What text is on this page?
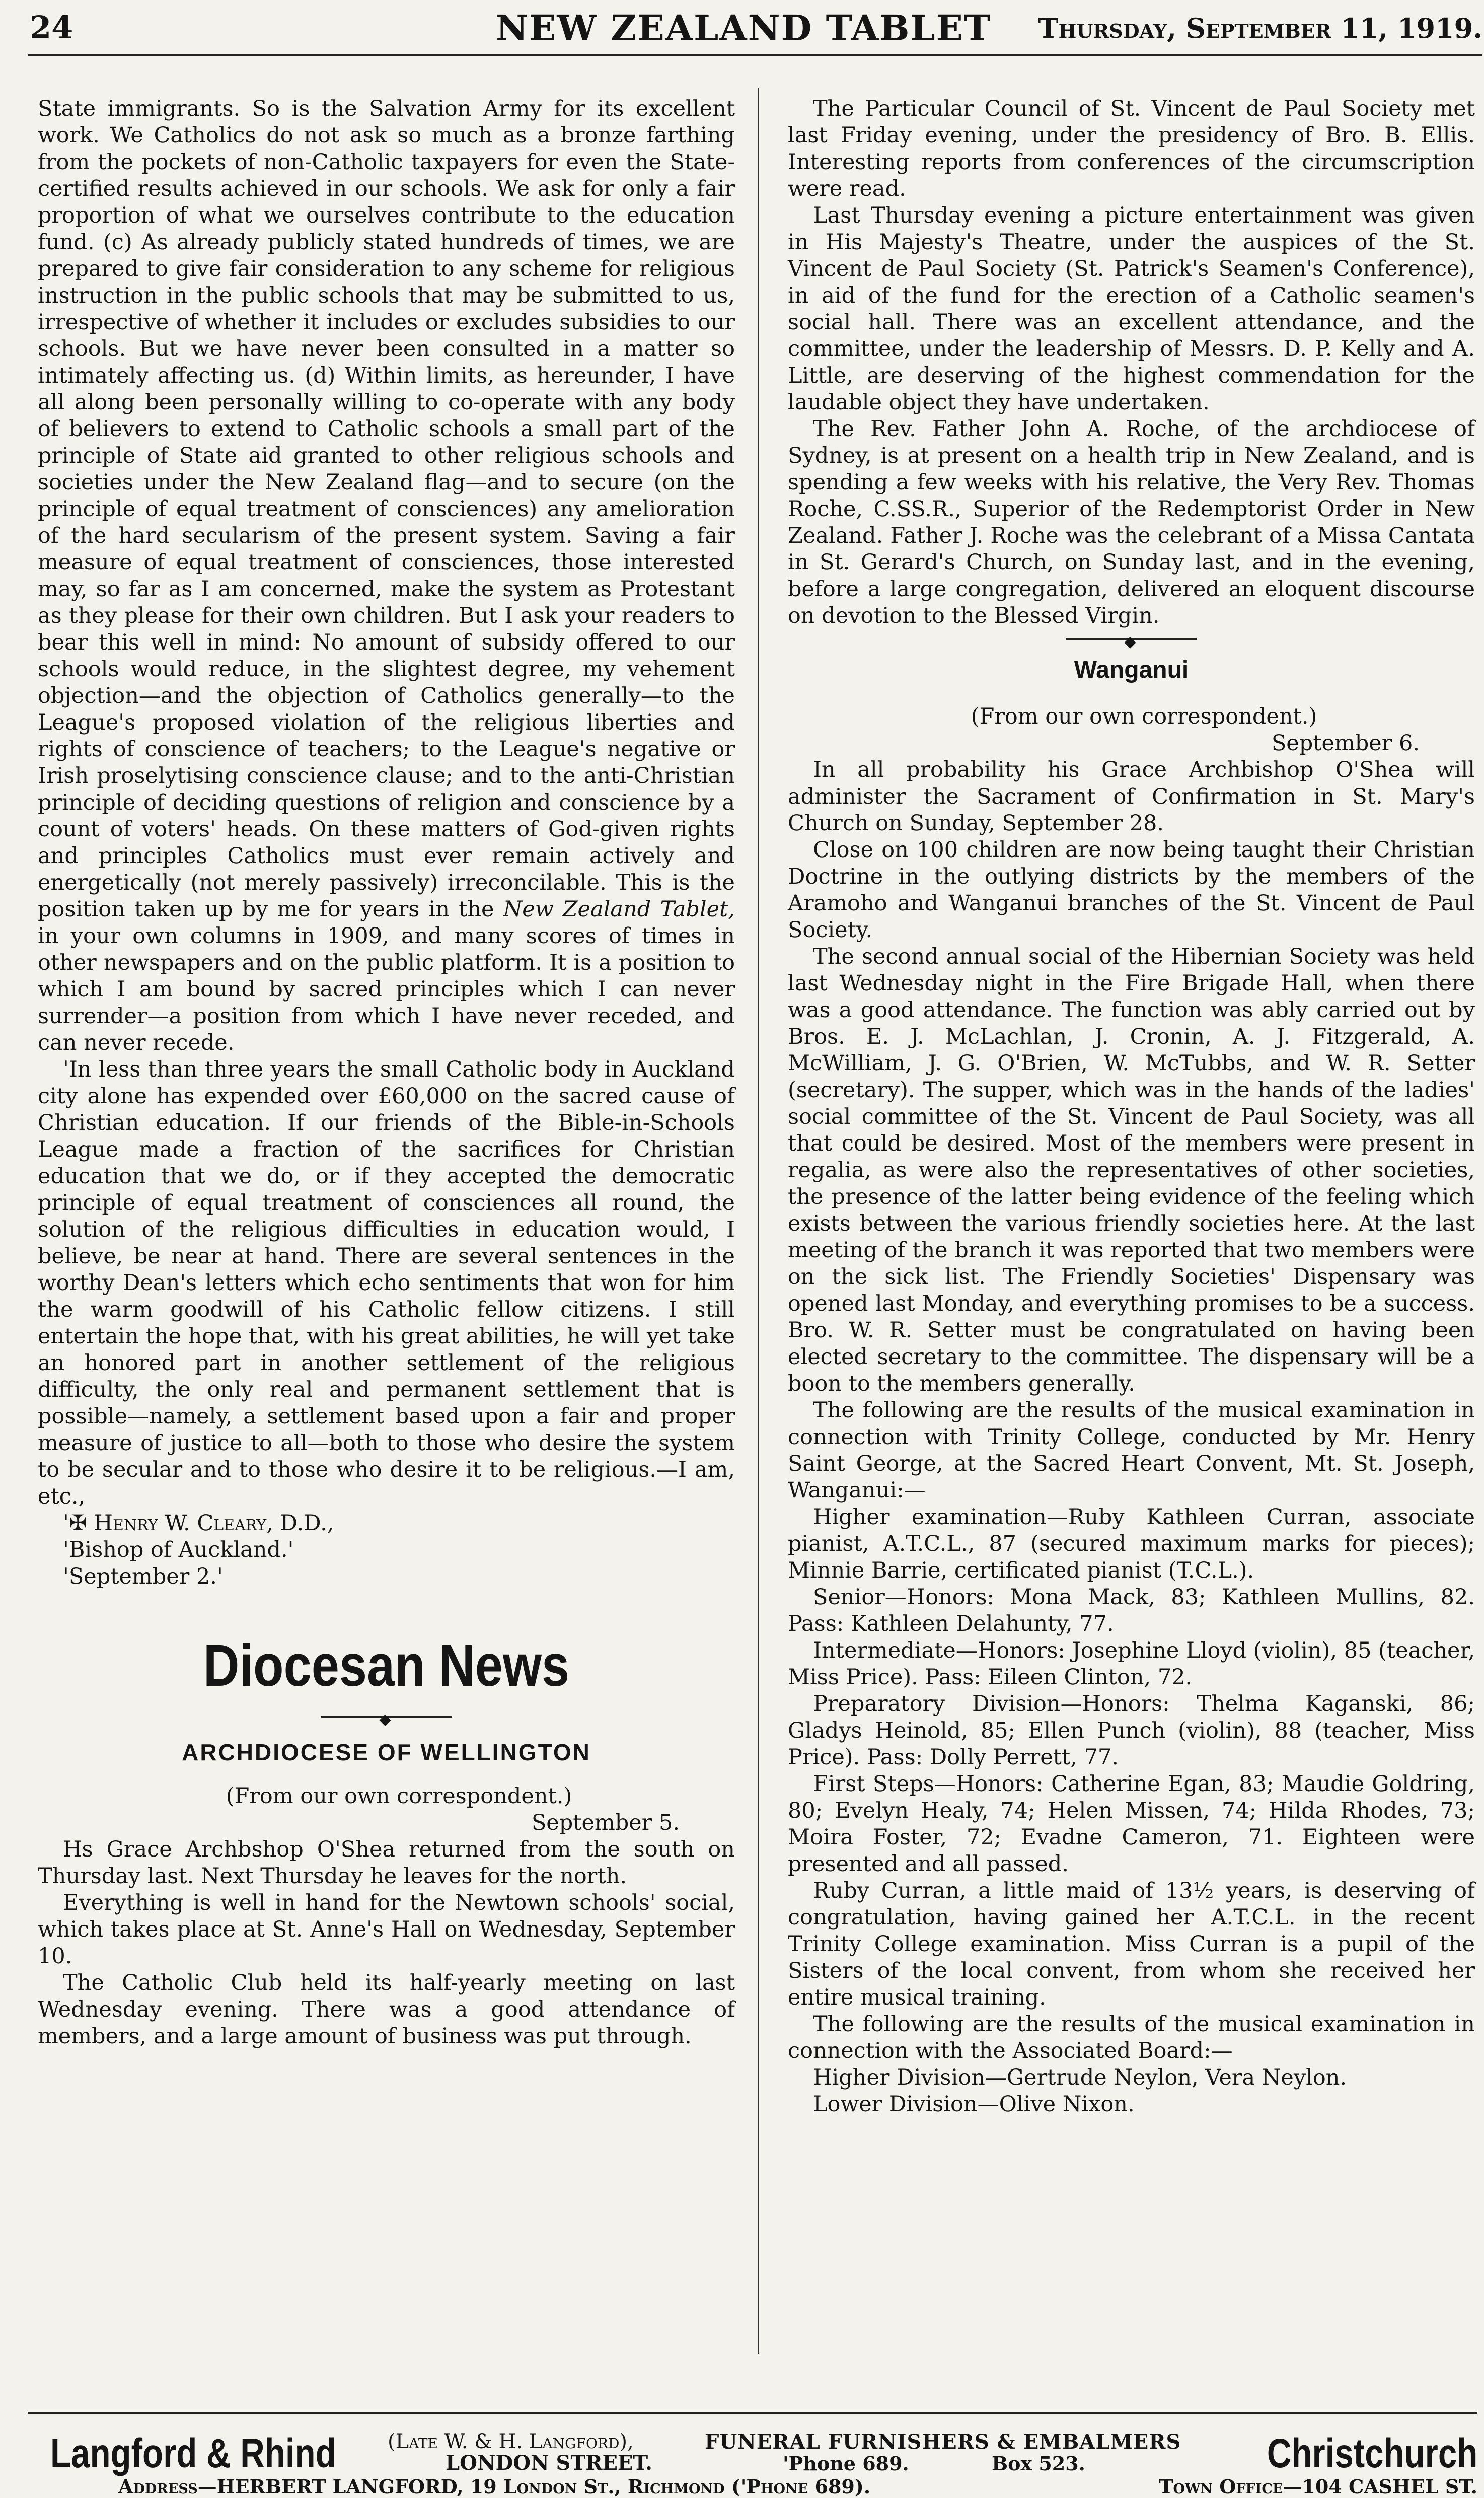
24	NEW ZEALAND TABLET Thursday, September 11, 1919.

State immigrants. So is the Salvation Army for its excellent work. We Catholics do not ask so much as a bronze farthing from the pockets of non-Catholic taxpayers for even the State-certified results achieved in our schools. We ask for only a fair proportion of what we ourselves contribute to the education fund. (c) As already publicly stated hundreds of times, we are prepared to give fair consideration to any scheme for religious instruction in the public schools that may be submitted to us, irrespective of whether it includes or excludes subsidies to our schools. But we have never been consulted in a matter so intimately affecting us. (d) Within limits, as hereunder, I have all along been personally willing to co-operate with any body of believers to extend to Catholic schools a small part of the principle of State aid granted to other religious schools and societies under the New Zealand flag—and to secure (on the principle of equal treatment of consciences) any amelioration of the hard secularism of the present system. Saving a fair measure of equal treatment of consciences, those interested may, so far as I am concerned, make the system as Protestant as they please for their own children. But I ask your readers to bear this well in mind: No amount of subsidy offered to our schools would reduce, in the slightest degree, my vehement objection—and the objection of Catholics generally—to the League's proposed violation of the religious liberties and rights of conscience of teachers; to the League's negative or Irish proselytising conscience clause; and to the anti-Christian principle of deciding questions of religion and conscience by a count of voters' heads. On these matters of God-given rights and principles Catholics must ever remain actively and energetically (not merely passively) irreconcilable. This is the position taken up by me for years in the New Zealand Tablet, in your own columns in 1909, and many scores of times in other newspapers and on the public platform. It is a position to which I am bound by sacred principles which I can never surrender—a position from which I have never receded, and can never recede.

'In less than three years the small Catholic body in Auckland city alone has expended over £60,000 on the sacred cause of Christian education. If our friends of the Bible-in-Schools League made a fraction of the sacrifices for Christian education that we do, or if they accepted the democratic principle of equal treatment of consciences all round, the solution of the religious difficulties in education would, I believe, be near at hand. There are several sentences in the worthy Dean's letters which echo sentiments that won for him the warm goodwill of his Catholic fellow citizens. I still entertain the hope that, with his great abilities, he will yet take an honored part in another settlement of the religious difficulty, the only real and permanent settlement that is possible—namely, a settlement based upon a fair and proper measure of justice to all—both to those who desire the system to be secular and to those who desire it to be religious.—I am, etc.,

'✠ Henry W. Cleary, D.D.,

'Bishop of Auckland.'

'September 2.'

Diocesan News
◆
ARCHDIOCESE OF WELLINGTON

(From our own correspondent.)

September 5.

Hs Grace Archbshop O'Shea returned from the south on Thursday last. Next Thursday he leaves for the north.

Everything is well in hand for the Newtown schools' social, which takes place at St. Anne's Hall on Wednesday, September 10.

The Catholic Club held its half-yearly meeting on last Wednesday evening. There was a good attendance of members, and a large amount of business was put through.

The Particular Council of St. Vincent de Paul Society met last Friday evening, under the presidency of Bro. B. Ellis. Interesting reports from conferences of the circumscription were read.

Last Thursday evening a picture entertainment was given in His Majesty's Theatre, under the auspices of the St. Vincent de Paul Society (St. Patrick's Seamen's Conference), in aid of the fund for the erection of a Catholic seamen's social hall. There was an excellent attendance, and the committee, under the leadership of Messrs. D. P. Kelly and A. Little, are deserving of the highest commendation for the laudable object they have undertaken.

The Rev. Father John A. Roche, of the archdiocese of Sydney, is at present on a health trip in New Zealand, and is spending a few weeks with his relative, the Very Rev. Thomas Roche, C.SS.R., Superior of the Redemptorist Order in New Zealand. Father J. Roche was the celebrant of a Missa Cantata in St. Gerard's Church, on Sunday last, and in the evening, before a large congregation, delivered an eloquent discourse on devotion to the Blessed Virgin.

◆
Wanganui

(From our own correspondent.)

September 6.

In all probability his Grace Archbishop O'Shea will administer the Sacrament of Confirmation in St. Mary's Church on Sunday, September 28.

Close on 100 children are now being taught their Christian Doctrine in the outlying districts by the members of the Aramoho and Wanganui branches of the St. Vincent de Paul Society.

The second annual social of the Hibernian Society was held last Wednesday night in the Fire Brigade Hall, when there was a good attendance. The function was ably carried out by Bros. E. J. McLachlan, J. Cronin, A. J. Fitzgerald, A. McWilliam, J. G. O'Brien, W. McTubbs, and W. R. Setter (secretary). The supper, which was in the hands of the ladies' social committee of the St. Vincent de Paul Society, was all that could be desired. Most of the members were present in regalia, as were also the representatives of other societies, the presence of the latter being evidence of the feeling which exists between the various friendly societies here. At the last meeting of the branch it was reported that two members were on the sick list. The Friendly Societies' Dispensary was opened last Monday, and everything promises to be a success. Bro. W. R. Setter must be congratulated on having been elected secretary to the committee. The dispensary will be a boon to the members generally.

The following are the results of the musical examination in connection with Trinity College, conducted by Mr. Henry Saint George, at the Sacred Heart Convent, Mt. St. Joseph, Wanganui:—

Higher examination—Ruby Kathleen Curran, associate pianist, A.T.C.L., 87 (secured maximum marks for pieces); Minnie Barrie, certificated pianist (T.C.L.).

Senior—Honors: Mona Mack, 83; Kathleen Mullins, 82. Pass: Kathleen Delahunty, 77.

Intermediate—Honors: Josephine Lloyd (violin), 85 (teacher, Miss Price). Pass: Eileen Clinton, 72.

Preparatory Division—Honors: Thelma Kaganski, 86; Gladys Heinold, 85; Ellen Punch (violin), 88 (teacher, Miss Price). Pass: Dolly Perrett, 77.

First Steps—Honors: Catherine Egan, 83; Maudie Goldring, 80; Evelyn Healy, 74; Helen Missen, 74; Hilda Rhodes, 73; Moira Foster, 72; Evadne Cameron, 71. Eighteen were presented and all passed.

Ruby Curran, a little maid of 13½ years, is deserving of congratulation, having gained her A.T.C.L. in the recent Trinity College examination. Miss Curran is a pupil of the Sisters of the local convent, from whom she received her entire musical training.

The following are the results of the musical examination in connection with the Associated Board:—

Higher Division—Gertrude Neylon, Vera Neylon.

Lower Division—Olive Nixon.

Langford & Rhind	(Late W. & H. Langford),
LONDON STREET.
FUNERAL FURNISHERS & EMBALMERS
'Phone 689.	Box 523.	Christchurch
Address—HERBERT LANGFORD, 19 London St., Richmond ('Phone 689).	Town Office—104 CASHEL ST.
